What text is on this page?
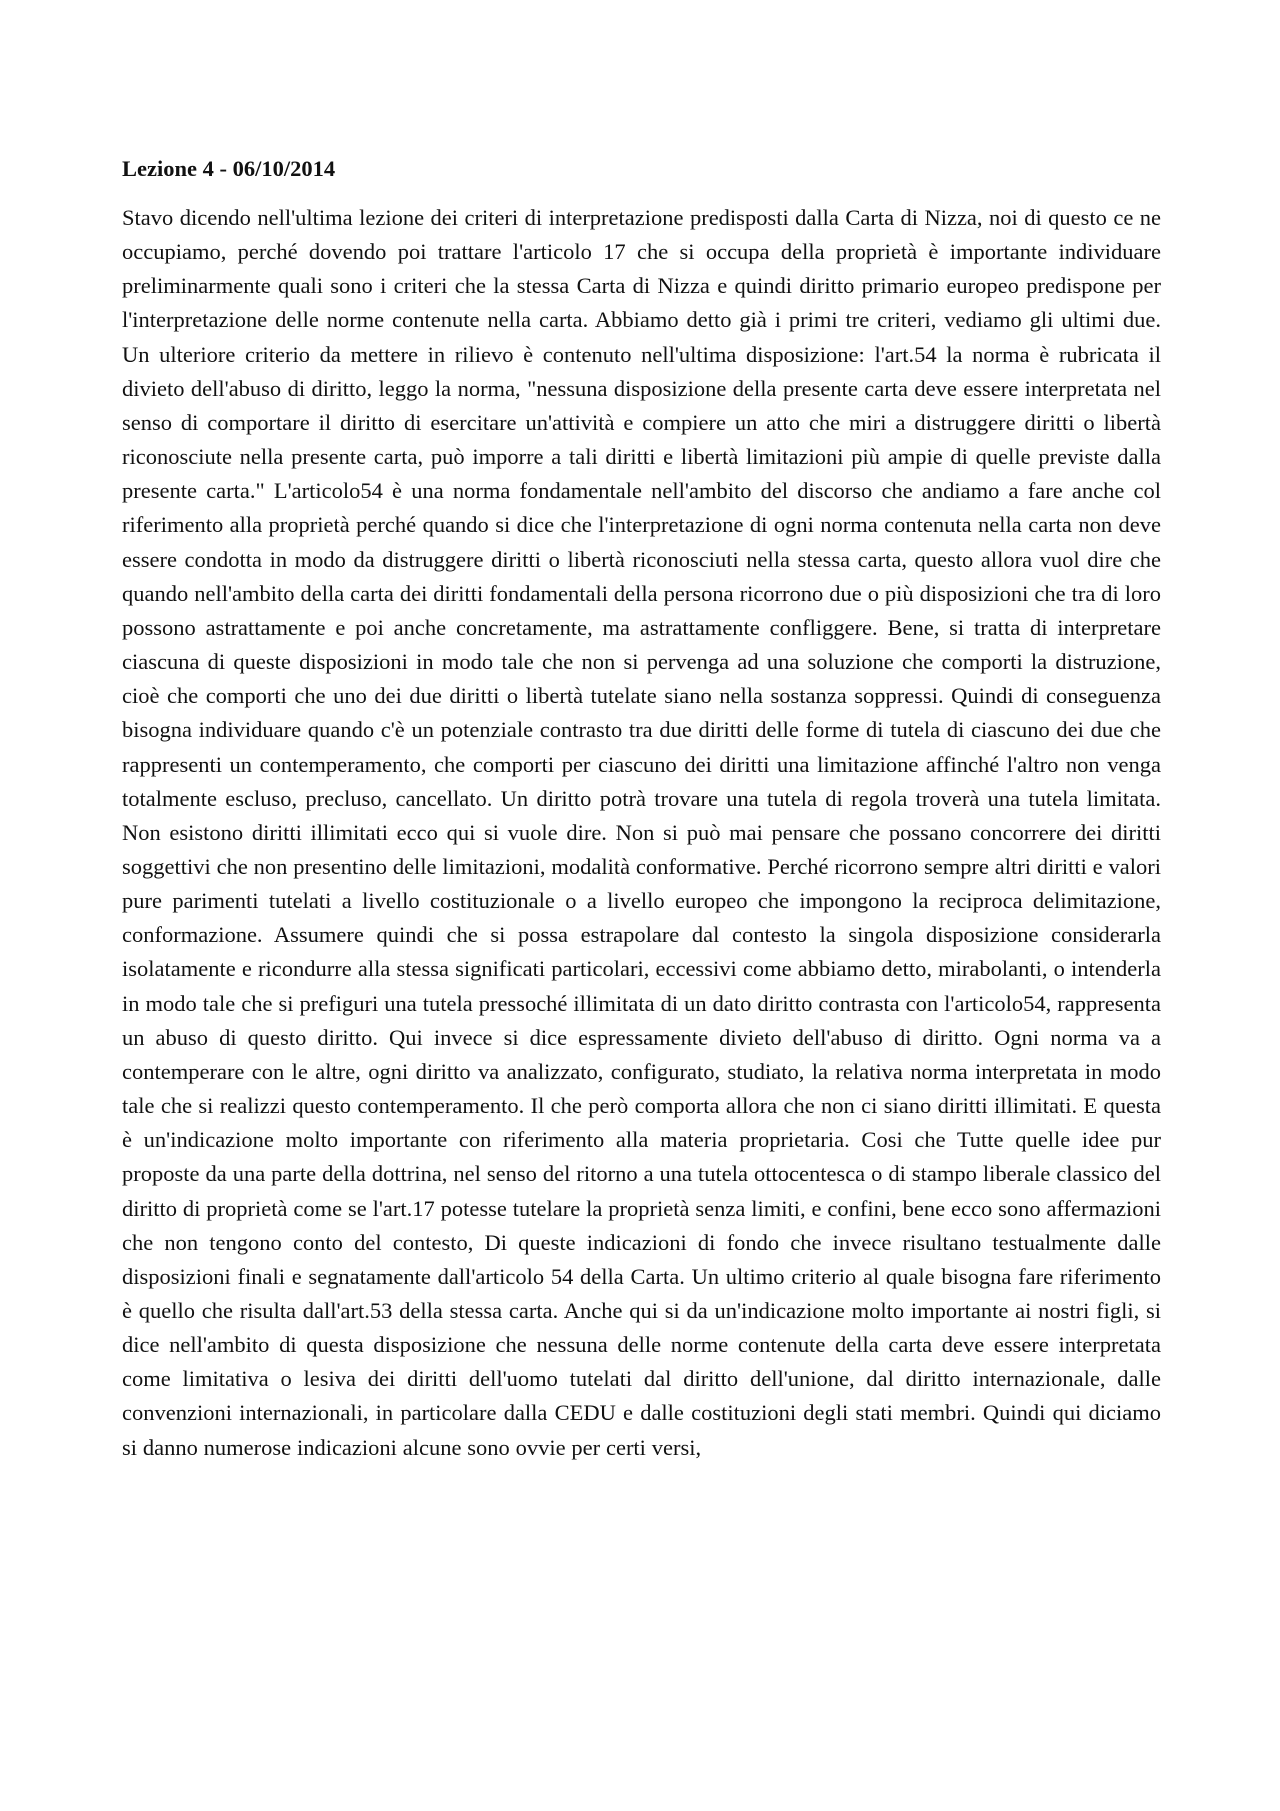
Lezione 4 - 06/10/2014

Stavo dicendo nell'ultima lezione dei criteri di interpretazione predisposti dalla Carta di Nizza, noi di questo ce ne occupiamo, perché dovendo poi trattare l'articolo 17 che si occupa della proprietà è importante individuare preliminarmente quali sono i criteri che la stessa Carta di Nizza e quindi diritto primario europeo predispone per l'interpretazione delle norme contenute nella carta. Abbiamo detto già i primi tre criteri, vediamo gli ultimi due. Un ulteriore criterio da mettere in rilievo è contenuto nell'ultima disposizione: l'art.54 la norma è rubricata il divieto dell'abuso di diritto, leggo la norma, "nessuna disposizione della presente carta deve essere interpretata nel senso di comportare il diritto di esercitare un'attività e compiere un atto che miri a distruggere diritti o libertà riconosciute nella presente carta, può imporre a tali diritti e libertà limitazioni più ampie di quelle previste dalla presente carta." L'articolo54 è una norma fondamentale nell'ambito del discorso che andiamo a fare anche col riferimento alla proprietà perché quando si dice che l'interpretazione di ogni norma contenuta nella carta non deve essere condotta in modo da distruggere diritti o libertà riconosciuti nella stessa carta, questo allora vuol dire che quando nell'ambito della carta dei diritti fondamentali della persona ricorrono due o più disposizioni che tra di loro possono astrattamente e poi anche concretamente, ma astrattamente confliggere. Bene, si tratta di interpretare ciascuna di queste disposizioni in modo tale che non si pervenga ad una soluzione che comporti la distruzione, cioè che comporti che uno dei due diritti o libertà tutelate siano nella sostanza soppressi. Quindi di conseguenza bisogna individuare quando c'è un potenziale contrasto tra due diritti delle forme di tutela di ciascuno dei due che rappresenti un contemperamento, che comporti per ciascuno dei diritti una limitazione affinché l'altro non venga totalmente escluso, precluso, cancellato. Un diritto potrà trovare una tutela di regola troverà una tutela limitata. Non esistono diritti illimitati ecco qui si vuole dire. Non si può mai pensare che possano concorrere dei diritti soggettivi che non presentino delle limitazioni, modalità conformative. Perché ricorrono sempre altri diritti e valori pure parimenti tutelati a livello costituzionale o a livello europeo che impongono la reciproca delimitazione, conformazione. Assumere quindi che si possa estrapolare dal contesto la singola disposizione considerarla isolatamente e ricondurre alla stessa significati particolari, eccessivi come abbiamo detto, mirabolanti, o intenderla in modo tale che si prefiguri una tutela pressoché illimitata di un dato diritto contrasta con l'articolo54, rappresenta un abuso di questo diritto. Qui invece si dice espressamente divieto dell'abuso di diritto. Ogni norma va a contemperare con le altre, ogni diritto va analizzato, configurato, studiato, la relativa norma interpretata in modo tale che si realizzi questo contemperamento. Il che però comporta allora che non ci siano diritti illimitati. E questa è un'indicazione molto importante con riferimento alla materia proprietaria. Cosi che Tutte quelle idee pur proposte da una parte della dottrina, nel senso del ritorno a una tutela ottocentesca o di stampo liberale classico del diritto di proprietà come se l'art.17 potesse tutelare la proprietà senza limiti, e confini, bene ecco sono affermazioni che non tengono conto del contesto, Di queste indicazioni di fondo che invece risultano testualmente dalle disposizioni finali e segnatamente dall'articolo 54 della Carta. Un ultimo criterio al quale bisogna fare riferimento è quello che risulta dall'art.53 della stessa carta. Anche qui si da un'indicazione molto importante ai nostri figli, si dice nell'ambito di questa disposizione che nessuna delle norme contenute della carta deve essere interpretata come limitativa o lesiva dei diritti dell'uomo tutelati dal diritto dell'unione, dal diritto internazionale, dalle convenzioni internazionali, in particolare dalla CEDU e dalle costituzioni degli stati membri. Quindi qui diciamo si danno numerose indicazioni alcune sono ovvie per certi versi,
